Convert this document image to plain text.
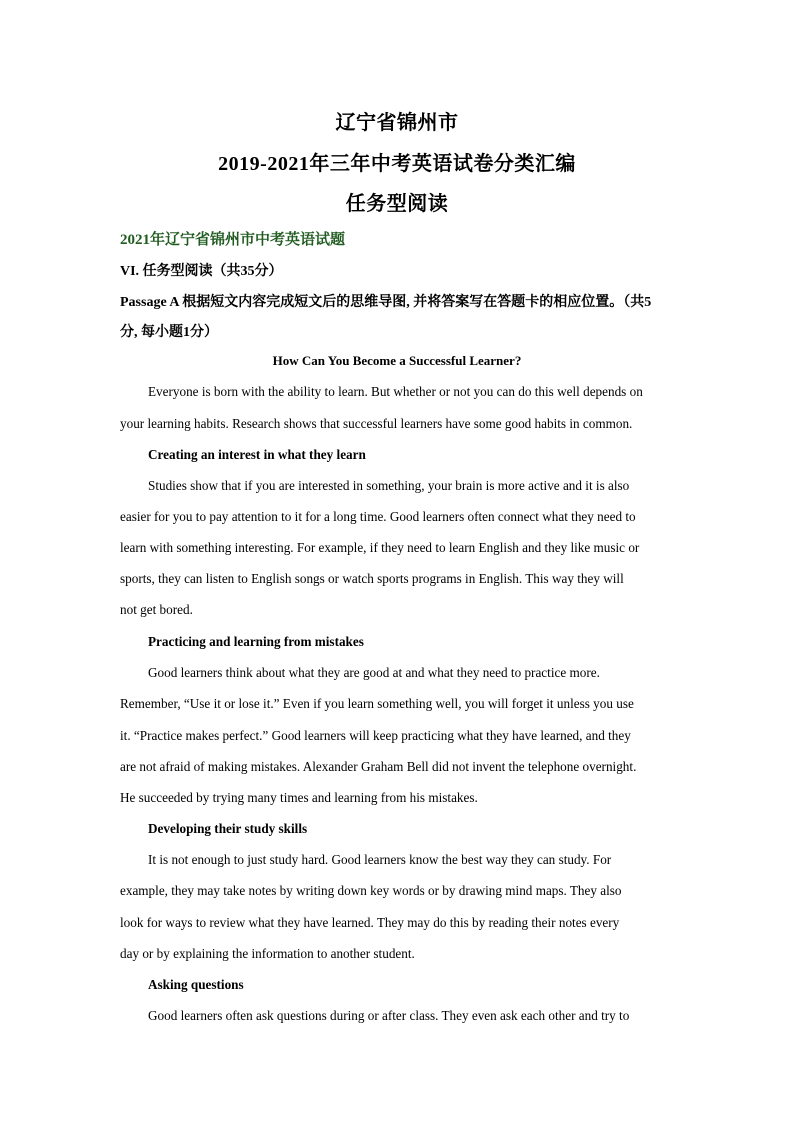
辽宁省锦州市
2019-2021年三年中考英语试卷分类汇编
任务型阅读
2021年辽宁省锦州市中考英语试题
VI. 任务型阅读（共35分）
Passage A 根据短文内容完成短文后的思维导图, 并将答案写在答题卡的相应位置。（共5
分, 每小题1分）
How Can You Become a Successful Learner?
Everyone is born with the ability to learn. But whether or not you can do this well depends on
your learning habits. Research shows that successful learners have some good habits in common.
Creating an interest in what they learn
Studies show that if you are interested in something, your brain is more active and it is also
easier for you to pay attention to it for a long time. Good learners often connect what they need to
learn with something interesting. For example, if they need to learn English and they like music or
sports, they can listen to English songs or watch sports programs in English. This way they will
not get bored.
Practicing and learning from mistakes
Good learners think about what they are good at and what they need to practice more.
Remember, “Use it or lose it.” Even if you learn something well, you will forget it unless you use
it. “Practice makes perfect.” Good learners will keep practicing what they have learned, and they
are not afraid of making mistakes. Alexander Graham Bell did not invent the telephone overnight.
He succeeded by trying many times and learning from his mistakes.
Developing their study skills
It is not enough to just study hard. Good learners know the best way they can study. For
example, they may take notes by writing down key words or by drawing mind maps. They also
look for ways to review what they have learned. They may do this by reading their notes every
day or by explaining the information to another student.
Asking questions
Good learners often ask questions during or after class. They even ask each other and try to
